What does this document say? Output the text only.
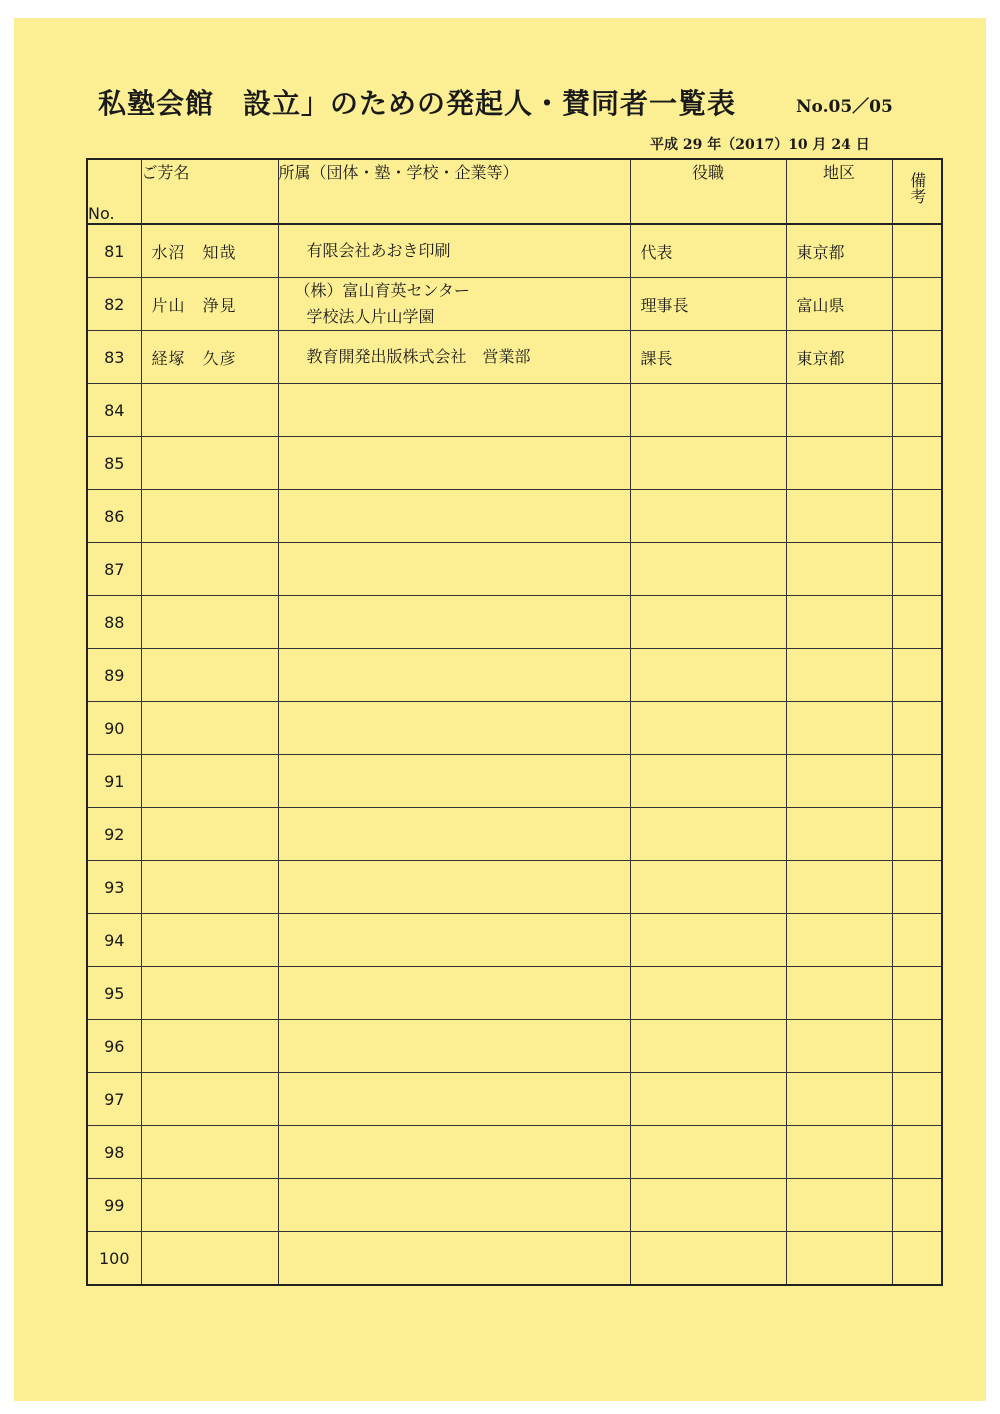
私塾会館　設立」のための発起人・賛同者一覧表	No.05／05
平成 29 年（2017）10 月 24 日
No.	ご芳名	所属（団体・塾・学校・企業等）	役職	地区	備考
81	水沼　知哉	有限会社あおき印刷	代表	東京都	
82	片山　浄見	（株）富山育英センター
学校法人片山学園	理事長	富山県	
83	経塚　久彦	教育開発出版株式会社　営業部	課長	東京都	
84					
85					
86					
87					
88					
89					
90					
91					
92					
93					
94					
95					
96					
97					
98					
99					
100					
